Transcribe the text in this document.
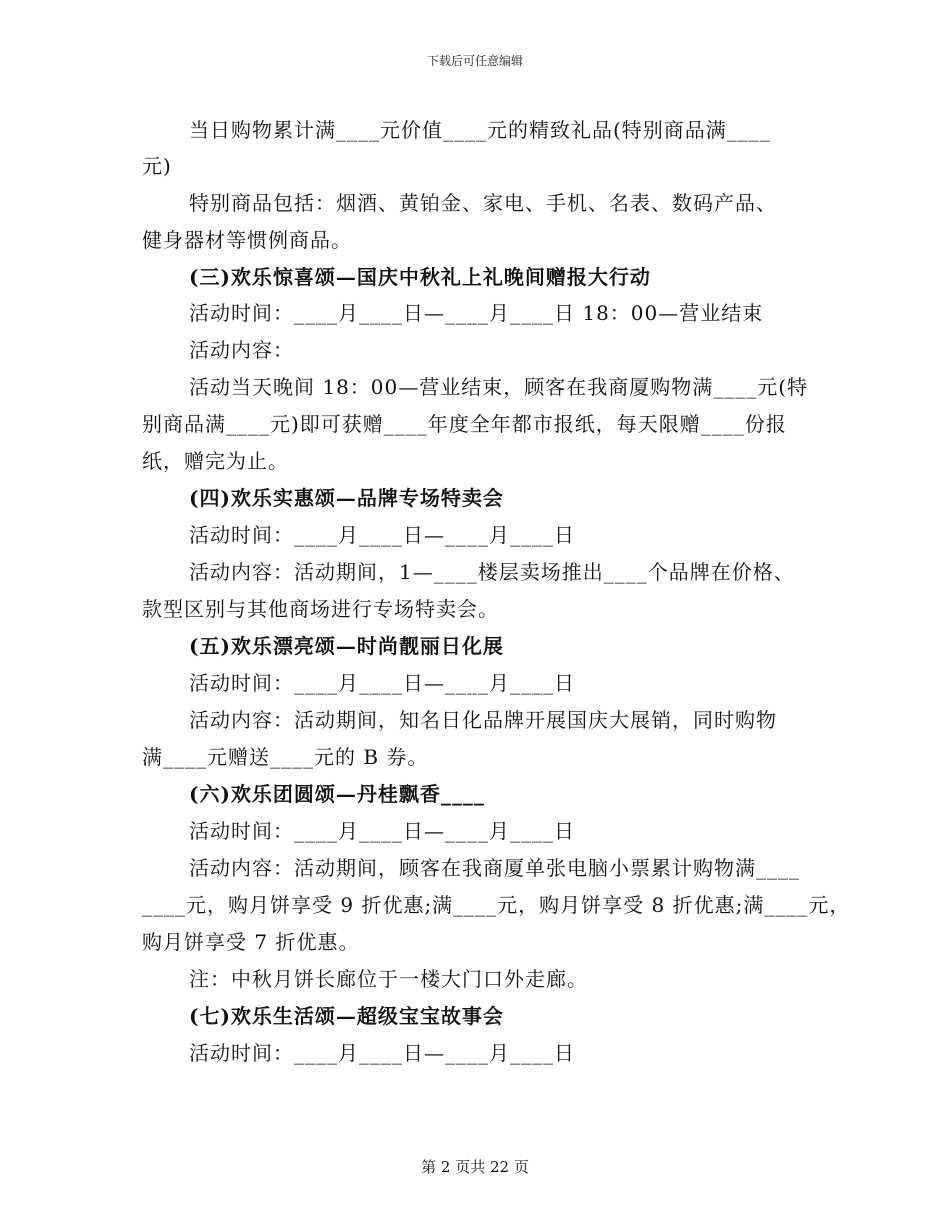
下载后可任意编辑
当日购物累计满____元价值____元的精致礼品(特别商品满____
元)
特别商品包括：烟酒、黄铂金、家电、手机、名表、数码产品、
健身器材等惯例商品。
(三)欢乐惊喜颂—国庆中秋礼上礼晚间赠报大行动
活动时间：____月____日—____月____日 18：00—营业结束
活动内容：
活动当天晚间 18：00—营业结束，顾客在我商厦购物满____元(特
别商品满____元)即可获赠____年度全年都市报纸，每天限赠____份报
纸，赠完为止。
(四)欢乐实惠颂—品牌专场特卖会
活动时间：____月____日—____月____日
活动内容：活动期间，1—____楼层卖场推出____个品牌在价格、
款型区别与其他商场进行专场特卖会。
(五)欢乐漂亮颂—时尚靓丽日化展
活动时间：____月____日—____月____日
活动内容：活动期间，知名日化品牌开展国庆大展销，同时购物
满____元赠送____元的 B 券。
(六)欢乐团圆颂—丹桂飘香____
活动时间：____月____日—____月____日
活动内容：活动期间，顾客在我商厦单张电脑小票累计购物满____
____元，购月饼享受 9 折优惠;满____元，购月饼享受 8 折优惠;满____元，
购月饼享受 7 折优惠。
注：中秋月饼长廊位于一楼大门口外走廊。
(七)欢乐生活颂—超级宝宝故事会
活动时间：____月____日—____月____日
第 2 页共 22 页
